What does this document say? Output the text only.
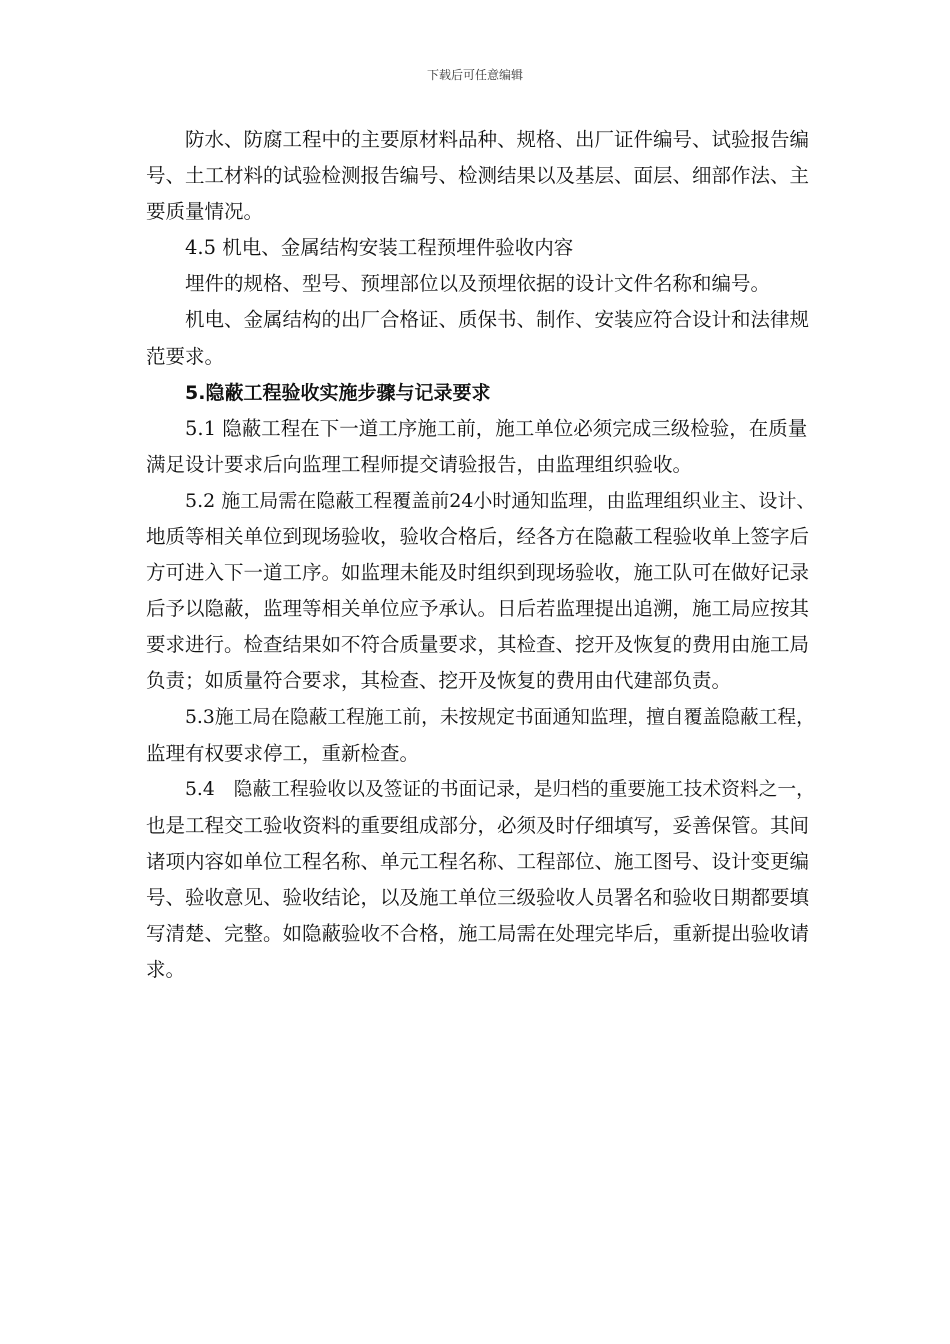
下载后可任意编辑
防水、防腐工程中的主要原材料品种、规格、出厂证件编号、试验报告编
号、土工材料的试验检测报告编号、检测结果以及基层、面层、细部作法、主
要质量情况。
4.5 机电、金属结构安装工程预埋件验收内容
埋件的规格、型号、预埋部位以及预埋依据的设计文件名称和编号。
机电、金属结构的出厂合格证、质保书、制作、安装应符合设计和法律规
范要求。
5.隐蔽工程验收实施步骤与记录要求
5.1 隐蔽工程在下一道工序施工前，施工单位必须完成三级检验，在质量
满足设计要求后向监理工程师提交请验报告，由监理组织验收。
5.2 施工局需在隐蔽工程覆盖前24小时通知监理，由监理组织业主、设计、
地质等相关单位到现场验收，验收合格后，经各方在隐蔽工程验收单上签字后
方可进入下一道工序。如监理未能及时组织到现场验收，施工队可在做好记录
后予以隐蔽，监理等相关单位应予承认。日后若监理提出追溯，施工局应按其
要求进行。检查结果如不符合质量要求，其检查、挖开及恢复的费用由施工局
负责；如质量符合要求，其检查、挖开及恢复的费用由代建部负责。
5.3施工局在隐蔽工程施工前，未按规定书面通知监理，擅自覆盖隐蔽工程，
监理有权要求停工，重新检查。
5.4　隐蔽工程验收以及签证的书面记录，是归档的重要施工技术资料之一，
也是工程交工验收资料的重要组成部分，必须及时仔细填写，妥善保管。其间
诸项内容如单位工程名称、单元工程名称、工程部位、施工图号、设计变更编
号、验收意见、验收结论，以及施工单位三级验收人员署名和验收日期都要填
写清楚、完整。如隐蔽验收不合格，施工局需在处理完毕后，重新提出验收请
求。
